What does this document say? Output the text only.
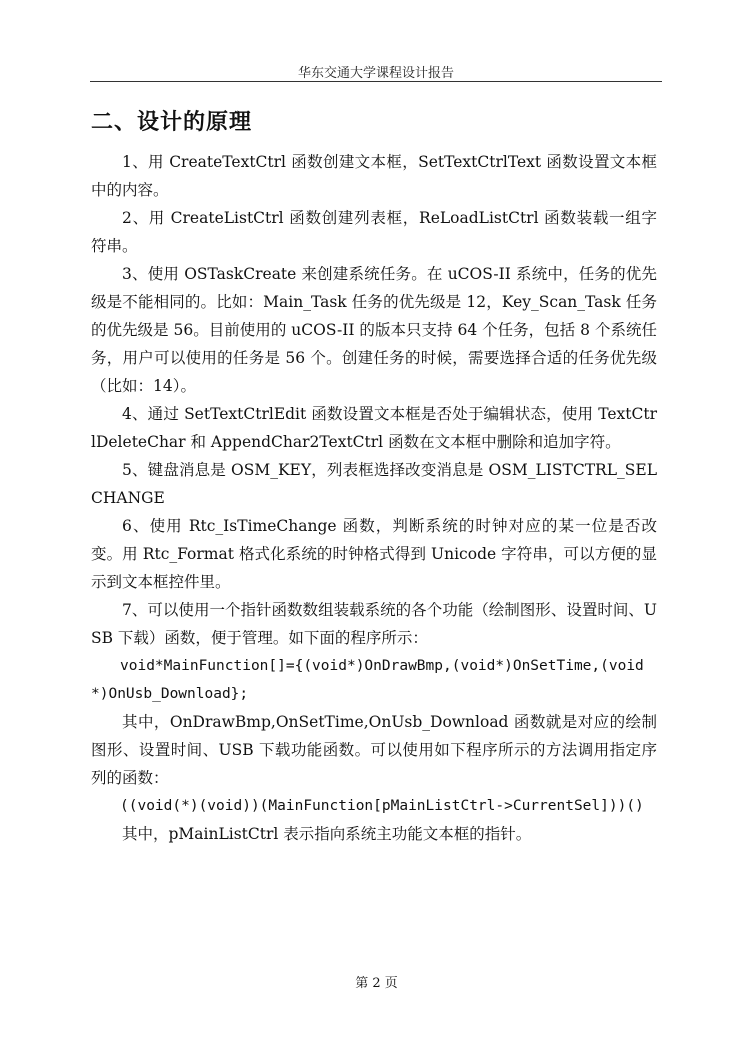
华东交通大学课程设计报告
二、设计的原理

1、用 CreateTextCtrl 函数创建文本框，SetTextCtrlText 函数设置文本框中的内容。

2、用 CreateListCtrl 函数创建列表框，ReLoadListCtrl 函数装载一组字符串。

3、使用 OSTaskCreate 来创建系统任务。在 uCOS-II 系统中，任务的优先级是不能相同的。比如：Main_Task 任务的优先级是 12，Key_Scan_Task 任务的优先级是 56。目前使用的 uCOS-II 的版本只支持 64 个任务，包括 8 个系统任务，用户可以使用的任务是 56 个。创建任务的时候，需要选择合适的任务优先级（比如：14）。

4、通过 SetTextCtrlEdit 函数设置文本框是否处于编辑状态，使用 TextCtrlDeleteChar 和 AppendChar2TextCtrl 函数在文本框中删除和追加字符。

5、键盘消息是 OSM_KEY，列表框选择改变消息是 OSM_LISTCTRL_SELCHANGE

6、使用 Rtc_IsTimeChange 函数，判断系统的时钟对应的某一位是否改变。用 Rtc_Format 格式化系统的时钟格式得到 Unicode 字符串，可以方便的显示到文本框控件里。

7、可以使用一个指针函数数组装载系统的各个功能（绘制图形、设置时间、USB 下载）函数，便于管理。如下面的程序所示：

void*MainFunction[]={(void*)OnDrawBmp,(void*)OnSetTime,(void*)OnUsb_Download};

其中，OnDrawBmp,OnSetTime,OnUsb_Download 函数就是对应的绘制图形、设置时间、USB 下载功能函数。可以使用如下程序所示的方法调用指定序列的函数：

((void(*)(void))(MainFunction[pMainListCtrl->CurrentSel]))()

其中，pMainListCtrl 表示指向系统主功能文本框的指针。

第 2 页
